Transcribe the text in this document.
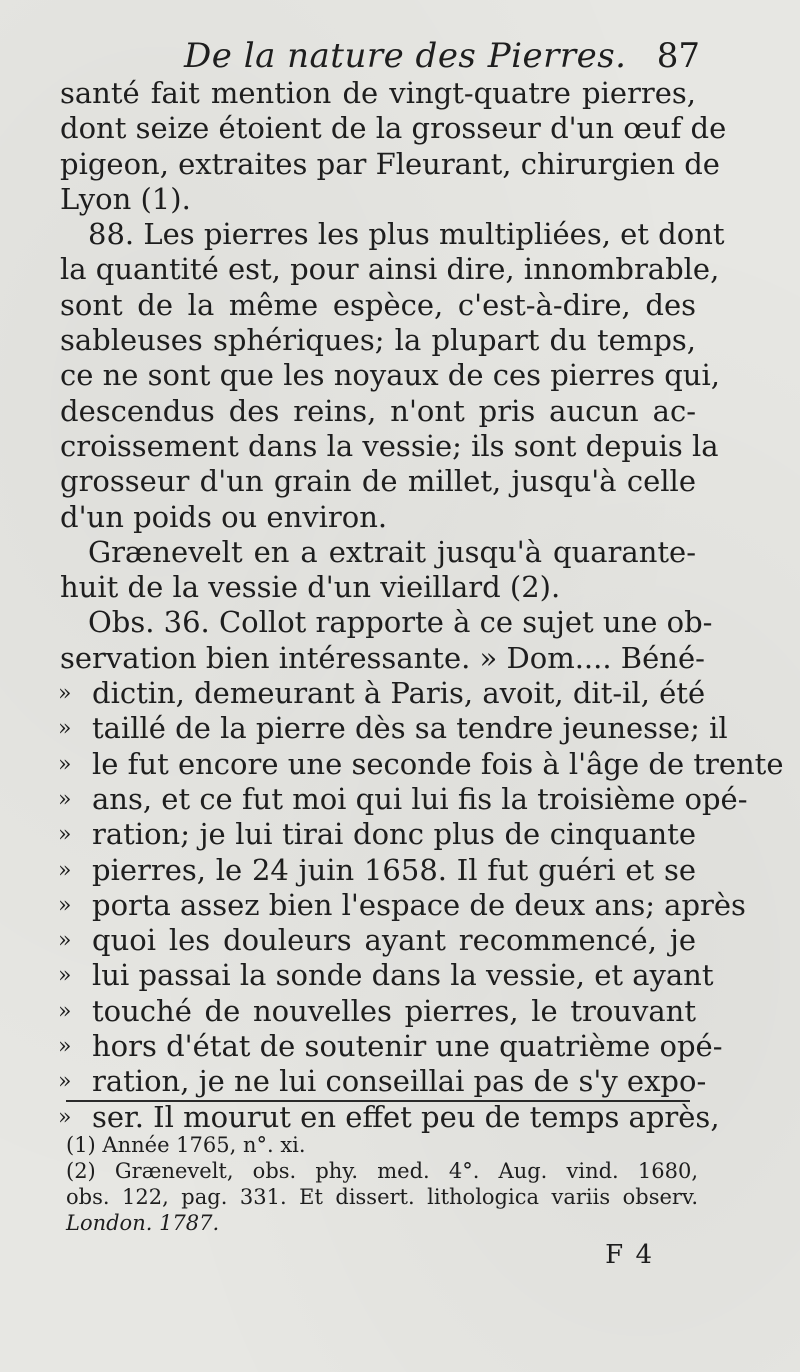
De la nature des Pierres. 87
santé fait mention de vingt-quatre pierres,
dont seize étoient de la grosseur d'un œuf de
pigeon, extraites par Fleurant, chirurgien de
Lyon (1).
88. Les pierres les plus multipliées, et dont
la quantité est, pour ainsi dire, innombrable,
sont de la même espèce, c'est-à-dire, des
sableuses sphériques; la plupart du temps,
ce ne sont que les noyaux de ces pierres qui,
descendus des reins, n'ont pris aucun ac-
croissement dans la vessie; ils sont depuis la
grosseur d'un grain de millet, jusqu'à celle
d'un poids ou environ.
Grænevelt en a extrait jusqu'à quarante-
huit de la vessie d'un vieillard (2).
Obs. 36. Collot rapporte à ce sujet une ob-
servation bien intéressante. » Dom.... Béné-
dictin, demeurant à Paris, avoit, dit-il, été
taillé de la pierre dès sa tendre jeunesse; il
le fut encore une seconde fois à l'âge de trente
ans, et ce fut moi qui lui fis la troisième opé-
ration; je lui tirai donc plus de cinquante
pierres, le 24 juin 1658. Il fut guéri et se
porta assez bien l'espace de deux ans; après
quoi les douleurs ayant recommencé, je
lui passai la sonde dans la vessie, et ayant
touché de nouvelles pierres, le trouvant
hors d'état de soutenir une quatrième opé-
ration, je ne lui conseillai pas de s'y expo-
ser. Il mourut en effet peu de temps après,
»
»
»
»
»
»
»
»
»
»
»
»
»
(1) Année 1765, n°. xi.
(2) Grænevelt, obs. phy. med. 4°. Aug. vind. 1680,
obs. 122, pag. 331. Et dissert. lithologica variis observ.
London. 1787.
F 4
